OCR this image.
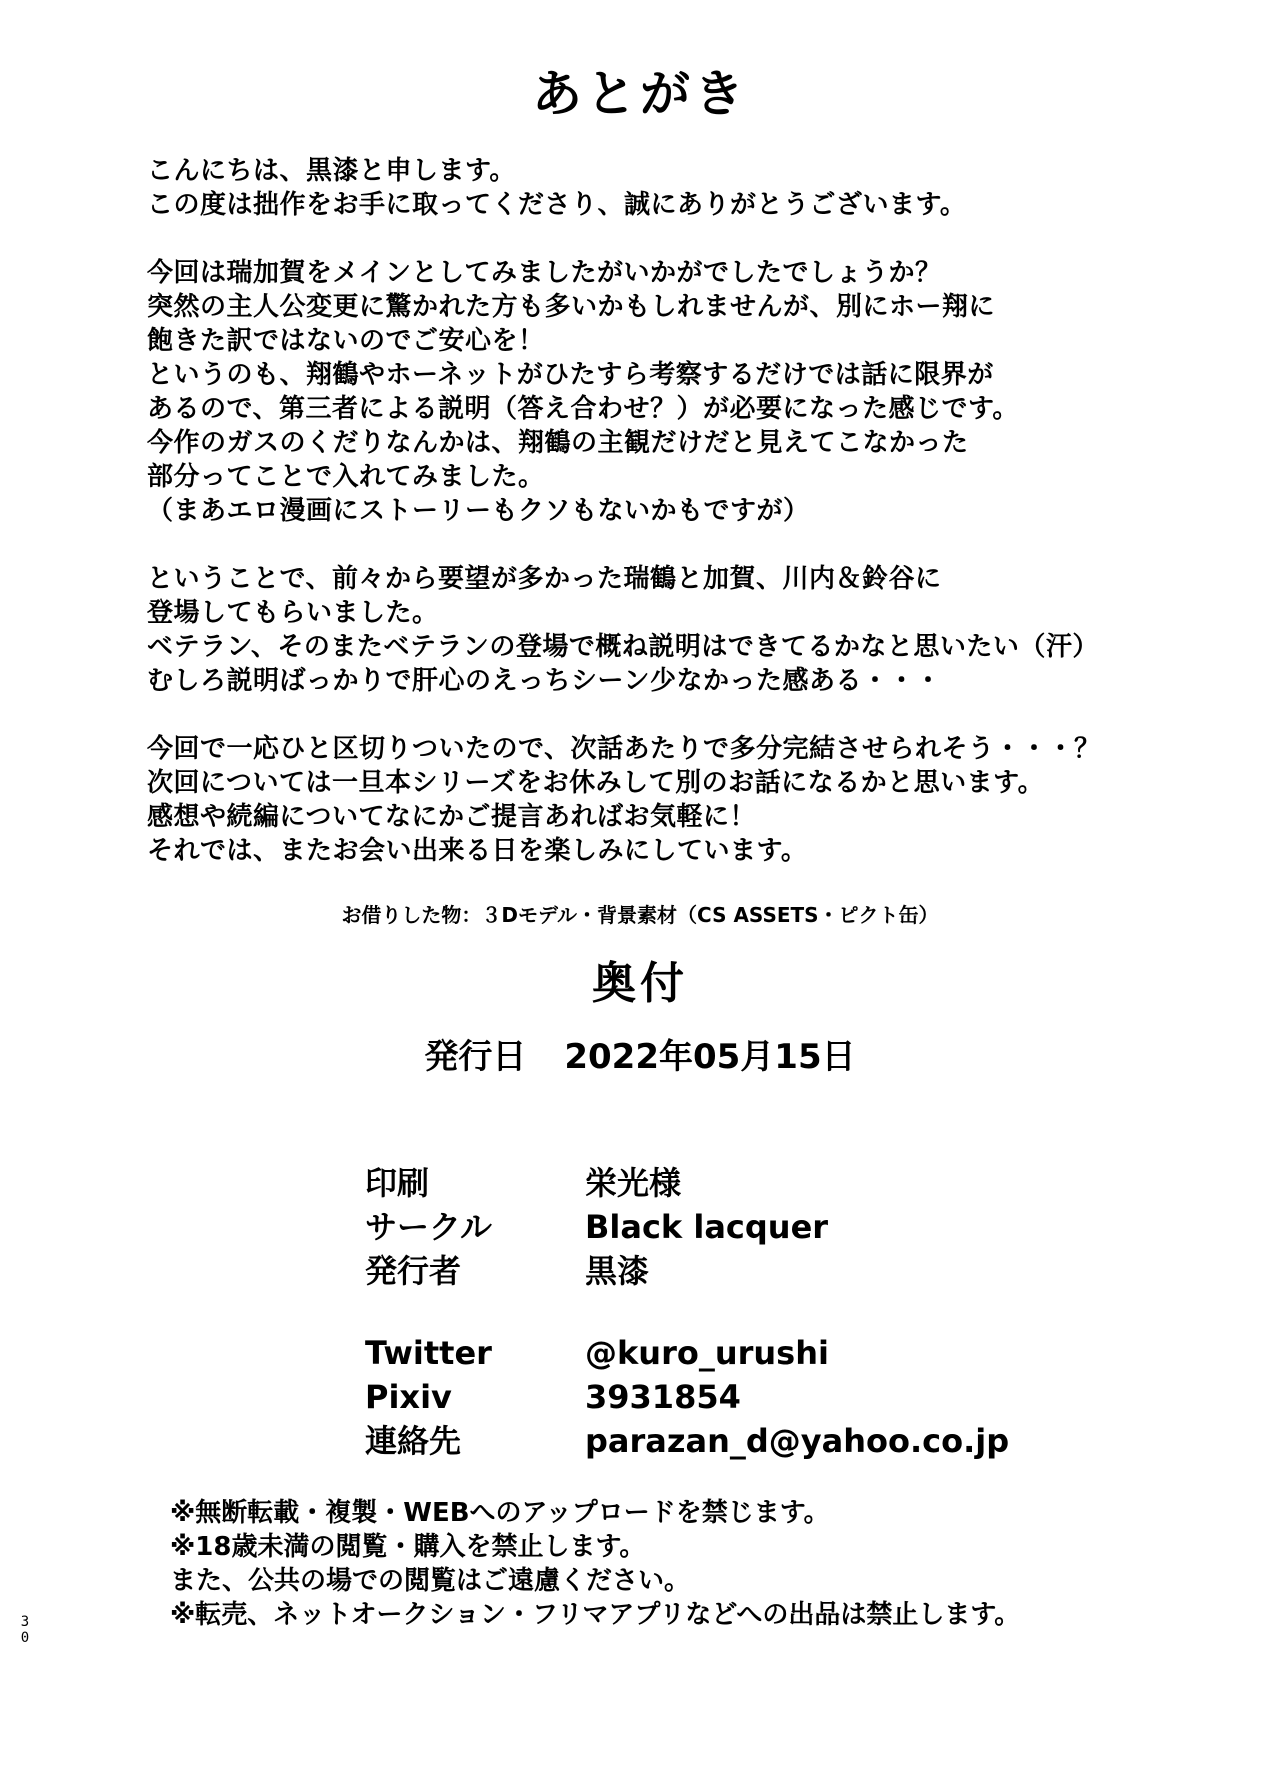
あとがき
こんにちは、黒漆と申します。
この度は拙作をお手に取ってくださり、誠にありがとうございます。
今回は瑞加賀をメインとしてみましたがいかがでしたでしょうか？
突然の主人公変更に驚かれた方も多いかもしれませんが、別にホー翔に
飽きた訳ではないのでご安心を！
というのも、翔鶴やホーネットがひたすら考察するだけでは話に限界が
あるので、第三者による説明（答え合わせ？）が必要になった感じです。
今作のガスのくだりなんかは、翔鶴の主観だけだと見えてこなかった
部分ってことで入れてみました。
（まあエロ漫画にストーリーもクソもないかもですが）
ということで、前々から要望が多かった瑞鶴と加賀、川内＆鈴谷に
登場してもらいました。
ベテラン、そのまたベテランの登場で概ね説明はできてるかなと思いたい（汗）
むしろ説明ばっかりで肝心のえっちシーン少なかった感ある・・・
今回で一応ひと区切りついたので、次話あたりで多分完結させられそう・・・？
次回については一旦本シリーズをお休みして別のお話になるかと思います。
感想や続編についてなにかご提言あればお気軽に！
それでは、またお会い出来る日を楽しみにしています。
お借りした物：３Dモデル・背景素材（CS ASSETS・ピクト缶）
奥付
発行日 2022年05月15日
印刷	栄光様
サークル	Black lacquer
発行者	黒漆
Twitter	@kuro_urushi
Pixiv	3931854
連絡先	parazan_d@yahoo.co.jp
※無断転載・複製・WEBへのアップロードを禁じます。
※18歳未満の閲覧・購入を禁止します。
また、公共の場での閲覧はご遠慮ください。
※転売、ネットオークション・フリマアプリなどへの出品は禁止します。
30
